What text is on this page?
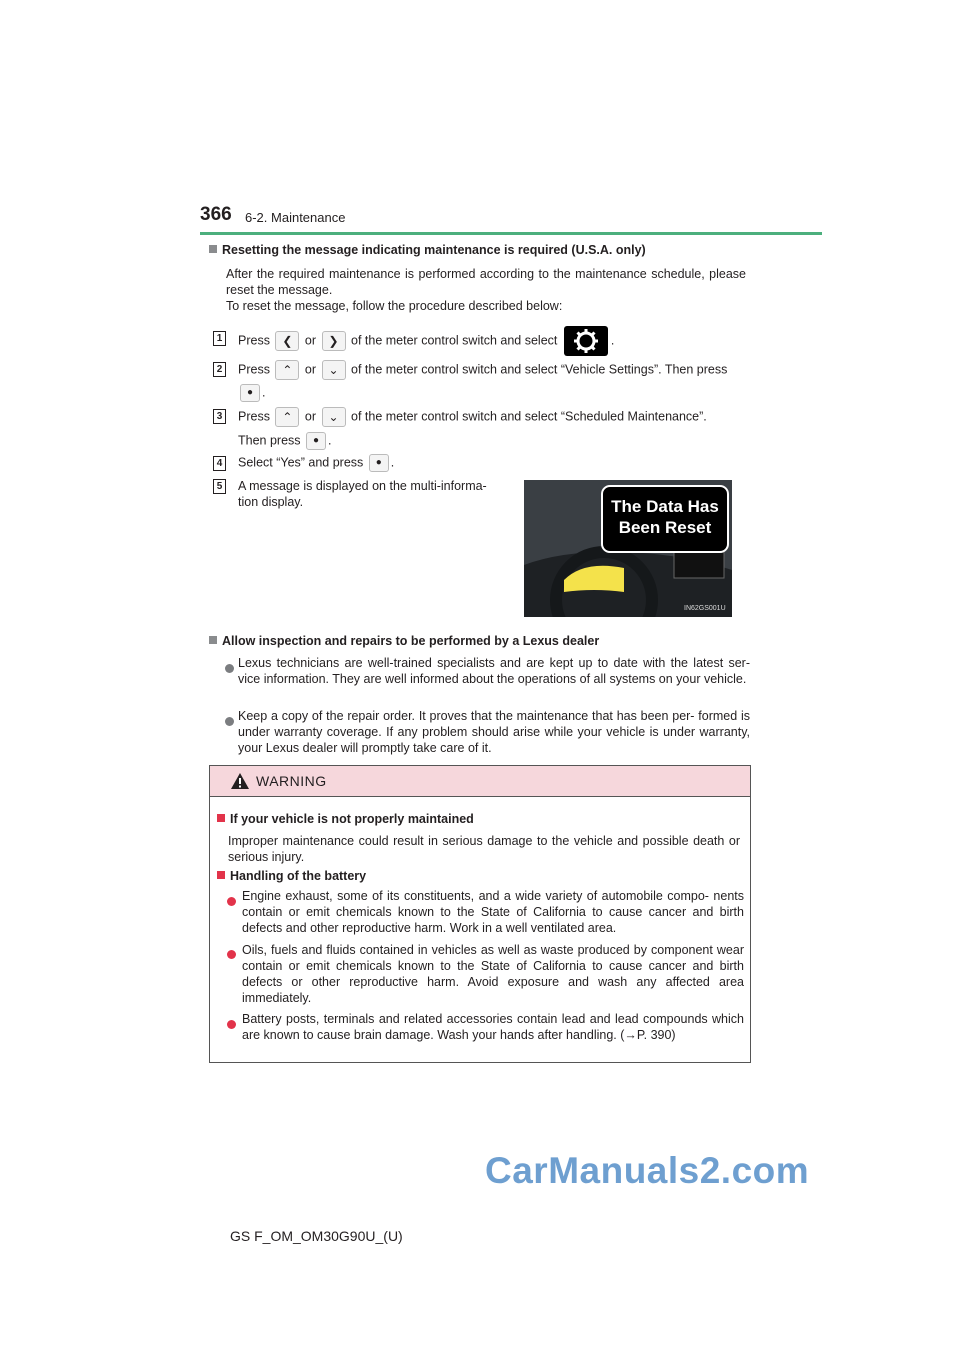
366 6-2. Maintenance
Resetting the message indicating maintenance is required (U.S.A. only)
After the required maintenance is performed according to the maintenance schedule, please reset the message.
To reset the message, follow the procedure described below:
1 Press ❮ or ❯ of the meter control switch and select	.
2 Press ⌃ or ⌄ of the meter control switch and select “Vehicle Settings”. Then press
● .
3 Press ⌃ or ⌄ of the meter control switch and select “Scheduled Maintenance”.
Then press ● .
4 Select “Yes” and press ● .
5 A message is displayed on the multi-informa- tion display.	The Data Has
Been Reset
IN62GS001U
Allow inspection and repairs to be performed by a Lexus dealer
Lexus technicians are well-trained specialists and are kept up to date with the latest ser- vice information. They are well informed about the operations of all systems on your vehicle.
Keep a copy of the repair order. It proves that the maintenance that has been per- formed is under warranty coverage. If any problem should arise while your vehicle is under warranty, your Lexus dealer will promptly take care of it.
WARNING
If your vehicle is not properly maintained
Improper maintenance could result in serious damage to the vehicle and possible death or serious injury.
Handling of the battery
Engine exhaust, some of its constituents, and a wide variety of automobile compo- nents contain or emit chemicals known to the State of California to cause cancer and birth defects and other reproductive harm. Work in a well ventilated area.
Oils, fuels and fluids contained in vehicles as well as waste produced by component wear contain or emit chemicals known to the State of California to cause cancer and birth defects or other reproductive harm. Avoid exposure and wash any affected area immediately.
Battery posts, terminals and related accessories contain lead and lead compounds which are known to cause brain damage. Wash your hands after handling. (→P. 390)
CarManuals2.com
GS F_OM_OM30G90U_(U)
